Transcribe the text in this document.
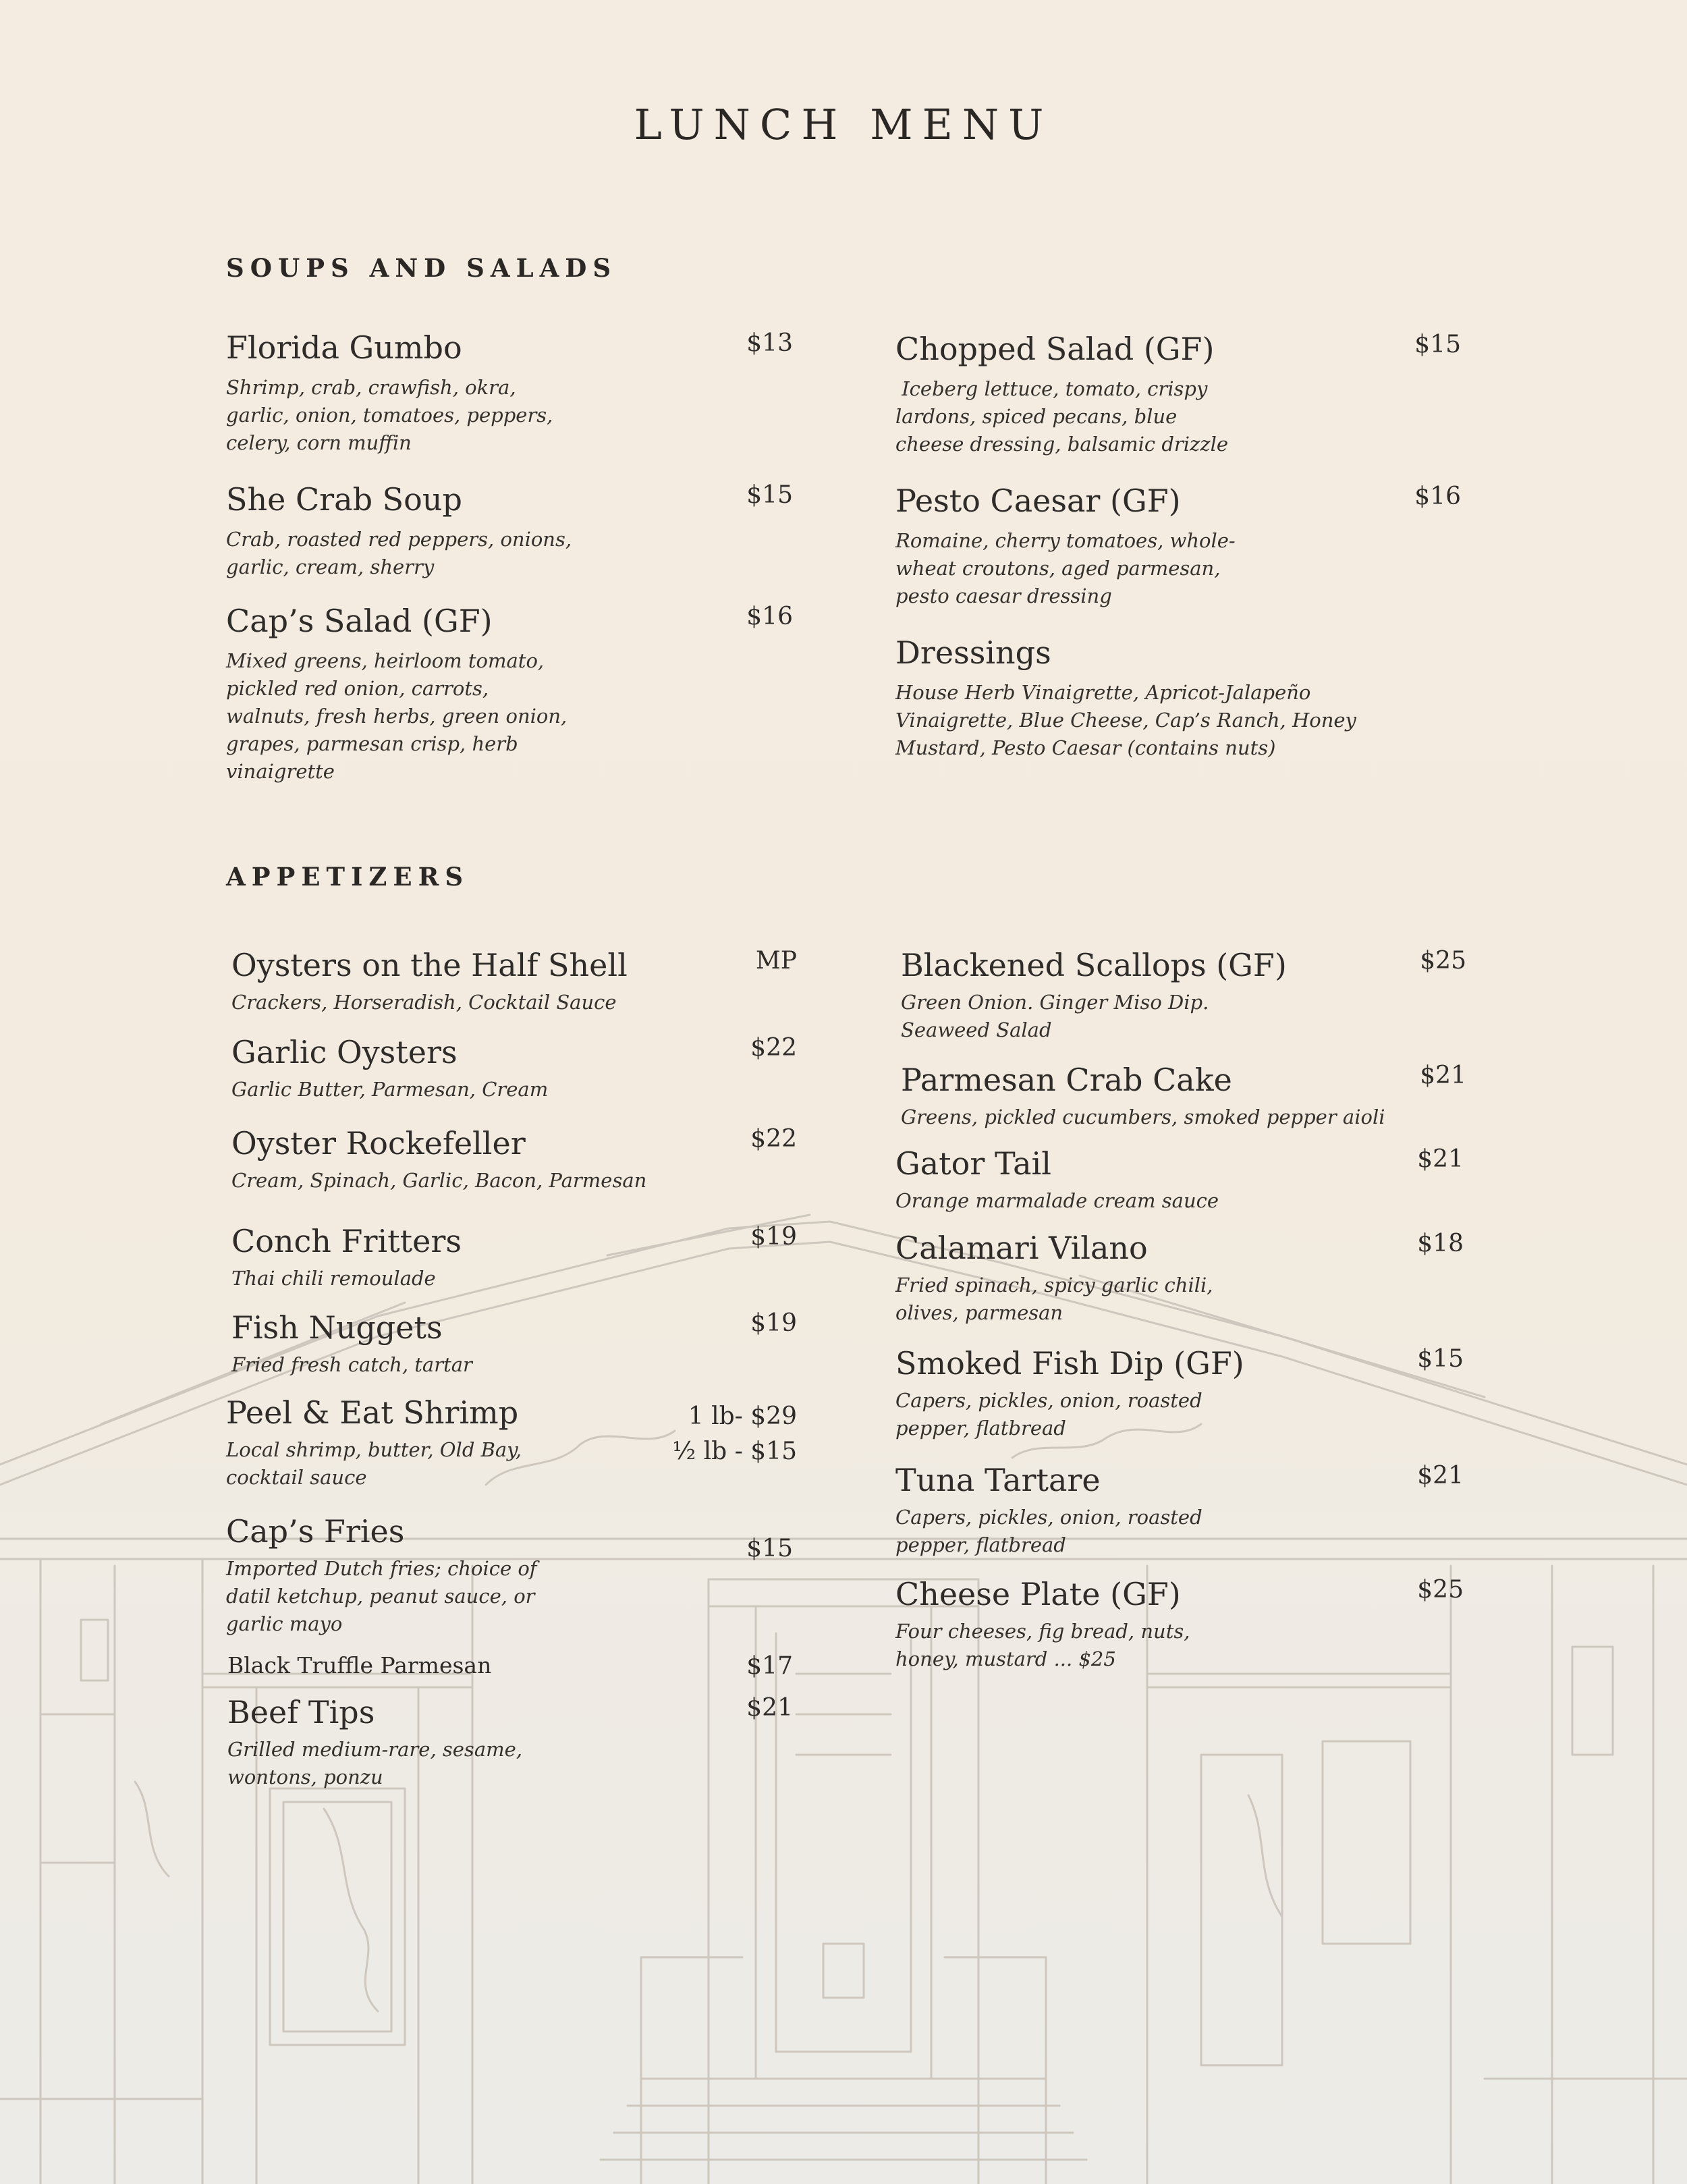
LUNCH MENU
SOUPS AND SALADS
Florida Gumbo	$13
Shrimp, crab, crawfish, okra,
garlic, onion, tomatoes, peppers,
celery, corn muffin
She Crab Soup	$15
Crab, roasted red peppers, onions,
garlic, cream, sherry
Cap’s Salad (GF)	$16
Mixed greens, heirloom tomato,
pickled red onion, carrots,
walnuts, fresh herbs, green onion,
grapes, parmesan crisp, herb
vinaigrette
Chopped Salad (GF)	$15
Iceberg lettuce, tomato, crispy
lardons, spiced pecans, blue
cheese dressing, balsamic drizzle
Pesto Caesar (GF)	$16
Romaine, cherry tomatoes, whole-
wheat croutons, aged parmesan,
pesto caesar dressing
Dressings
House Herb Vinaigrette, Apricot-Jalapeño
Vinaigrette, Blue Cheese, Cap’s Ranch, Honey
Mustard, Pesto Caesar (contains nuts)
APPETIZERS
Oysters on the Half Shell	MP
Crackers, Horseradish, Cocktail Sauce
Garlic Oysters	$22
Garlic Butter, Parmesan, Cream
Oyster Rockefeller	$22
Cream, Spinach, Garlic, Bacon, Parmesan
Conch Fritters	$19
Thai chili remoulade
Fish Nuggets	$19
Fried fresh catch, tartar
Peel & Eat Shrimp	1 lb- $29
½ lb - $15
Local shrimp, butter, Old Bay,
cocktail sauce
Cap’s Fries	$15
Imported Dutch fries; choice of
datil ketchup, peanut sauce, or
garlic mayo
Black Truffle Parmesan	$17
Beef Tips	$21
Grilled medium-rare, sesame,
wontons, ponzu
Blackened Scallops (GF)	$25
Green Onion. Ginger Miso Dip.
Seaweed Salad
Parmesan Crab Cake	$21
Greens, pickled cucumbers, smoked pepper aioli
Gator Tail	$21
Orange marmalade cream sauce
Calamari Vilano	$18
Fried spinach, spicy garlic chili,
olives, parmesan
Smoked Fish Dip (GF)	$15
Capers, pickles, onion, roasted
pepper, flatbread
Tuna Tartare	$21
Capers, pickles, onion, roasted
pepper, flatbread
Cheese Plate (GF)	$25
Four cheeses, fig bread, nuts,
honey, mustard ... $25
